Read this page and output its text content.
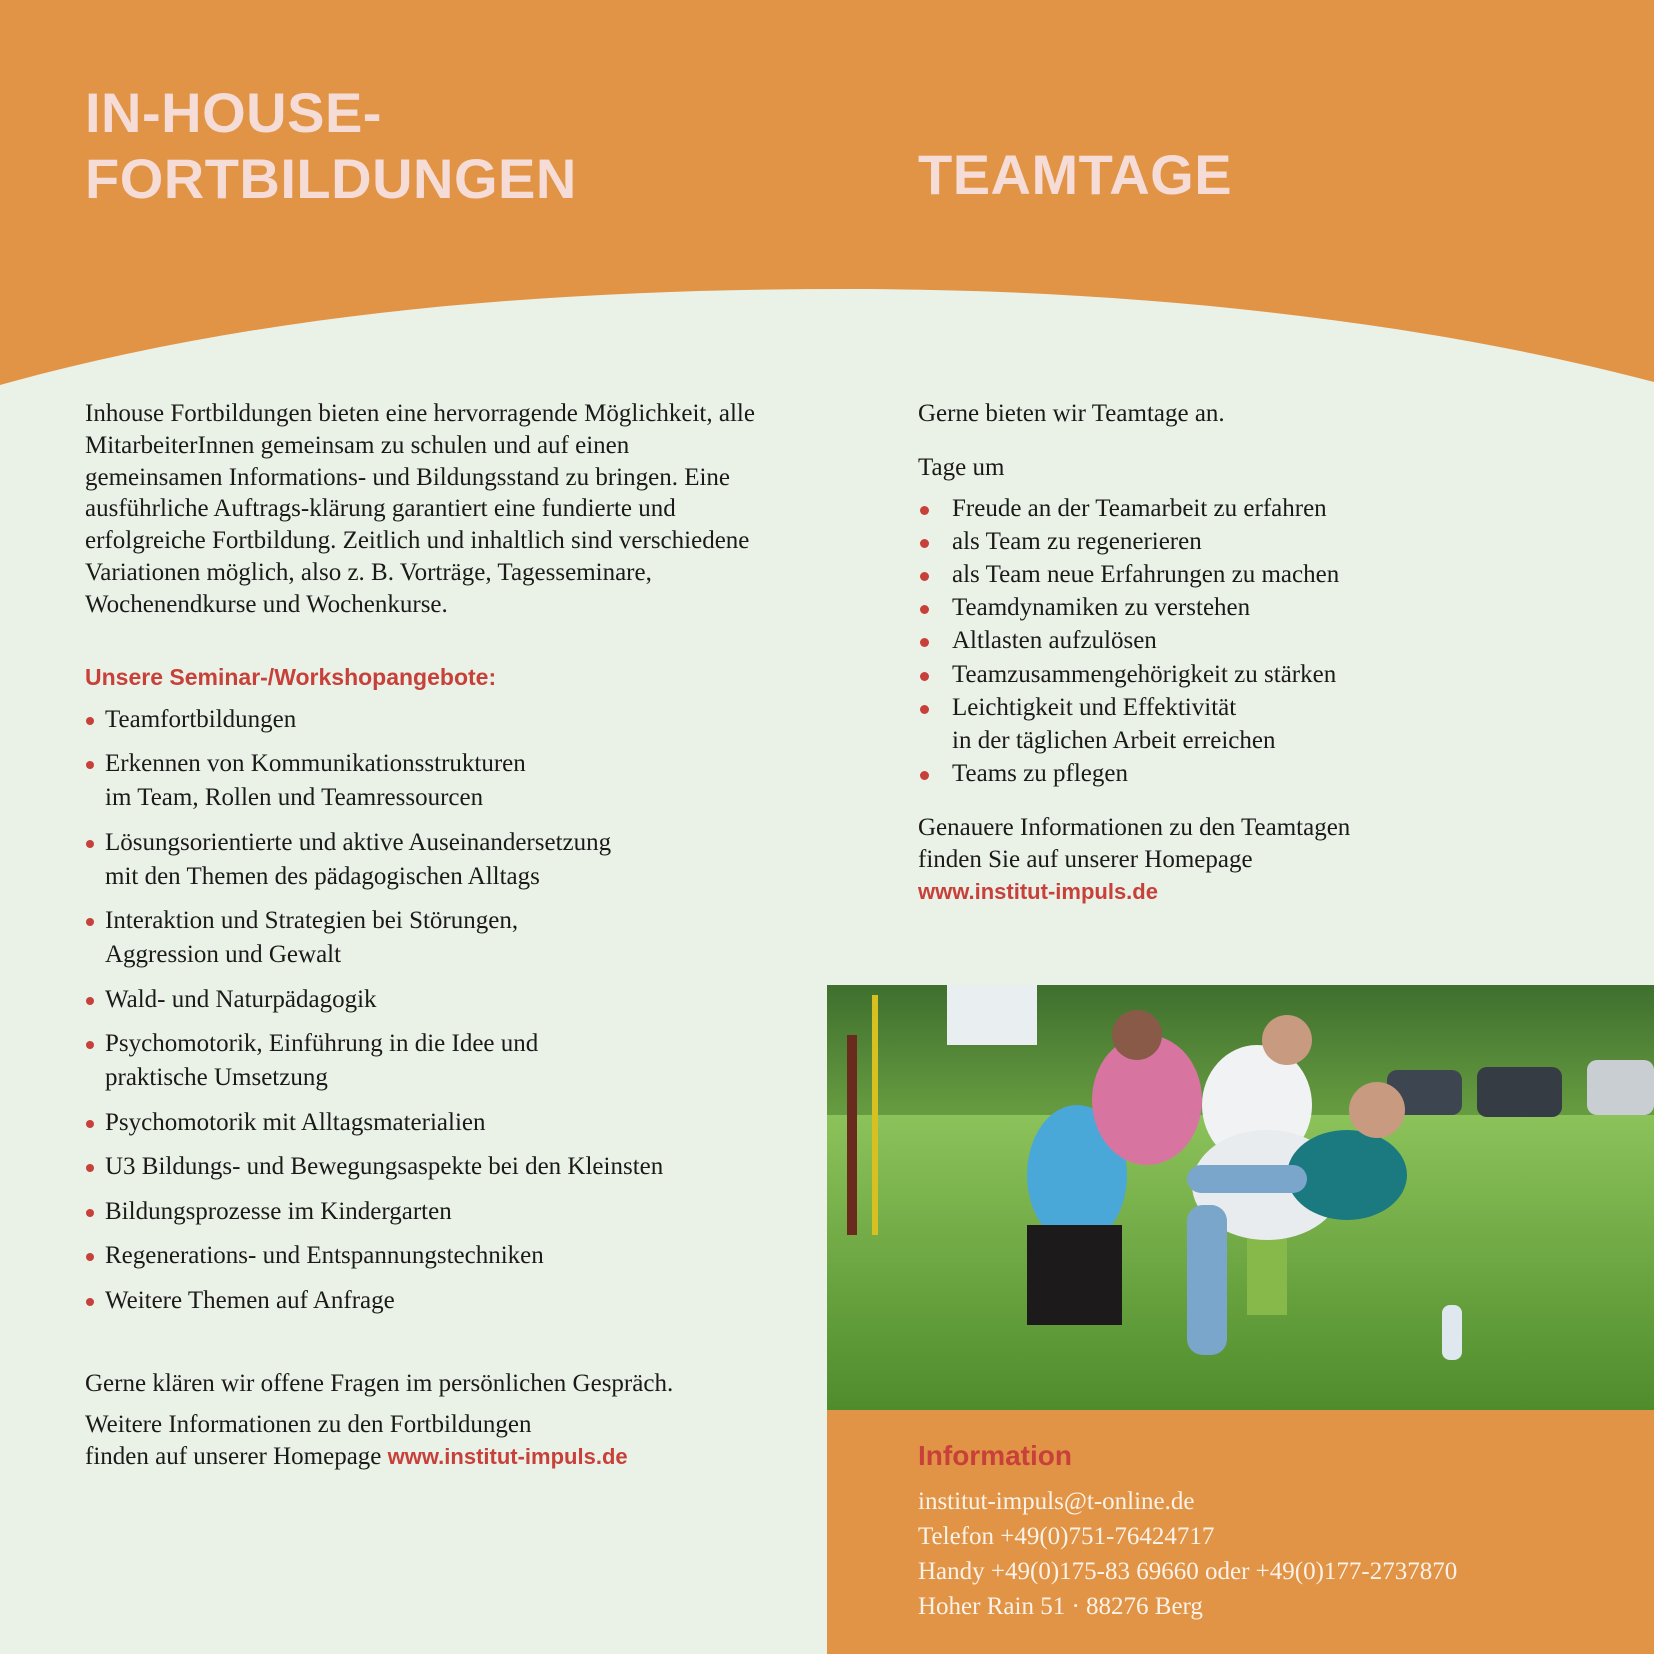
IN-HOUSE-
FORTBILDUNGEN	TEAMTAGE

Inhouse Fortbildungen bieten eine hervorragende Möglichkeit, alle MitarbeiterInnen gemeinsam zu schulen und auf einen gemeinsamen Informations- und Bildungsstand zu bringen. Eine ausführliche Auftrags-klärung garantiert eine fundierte und erfolgreiche Fortbildung. Zeitlich und inhaltlich sind verschiedene Variationen möglich, also z. B. Vorträge, Tagesseminare, Wochenendkurse und Wochenkurse.

Unsere Seminar-/Workshopangebote:
Teamfortbildungen
Erkennen von Kommunikationsstrukturen
im Team, Rollen und Teamressourcen
Lösungsorientierte und aktive Auseinandersetzung
mit den Themen des pädagogischen Alltags
Interaktion und Strategien bei Störungen,
Aggression und Gewalt
Wald- und Naturpädagogik
Psychomotorik, Einführung in die Idee und
praktische Umsetzung
Psychomotorik mit Alltagsmaterialien
U3 Bildungs- und Bewegungsaspekte bei den Kleinsten
Bildungsprozesse im Kindergarten
Regenerations- und Entspannungstechniken
Weitere Themen auf Anfrage

Gerne klären wir offene Fragen im persönlichen Gespräch.

Weitere Informationen zu den Fortbildungen
finden auf unserer Homepage www.institut-impuls.de

Gerne bieten wir Teamtage an.

Tage um

Freude an der Teamarbeit zu erfahren
als Team zu regenerieren
als Team neue Erfahrungen zu machen
Teamdynamiken zu verstehen
Altlasten aufzulösen
Teamzusammengehörigkeit zu stärken
Leichtigkeit und Effektivität
in der täglichen Arbeit erreichen
Teams zu pflegen

Genauere Informationen zu den Teamtagen
finden Sie auf unserer Homepage
www.institut-impuls.de

Information
institut-impuls@t-online.de
Telefon +49(0)751-76424717
Handy +49(0)175-83 69660 oder +49(0)177-2737870
Hoher Rain 51 · 88276 Berg
